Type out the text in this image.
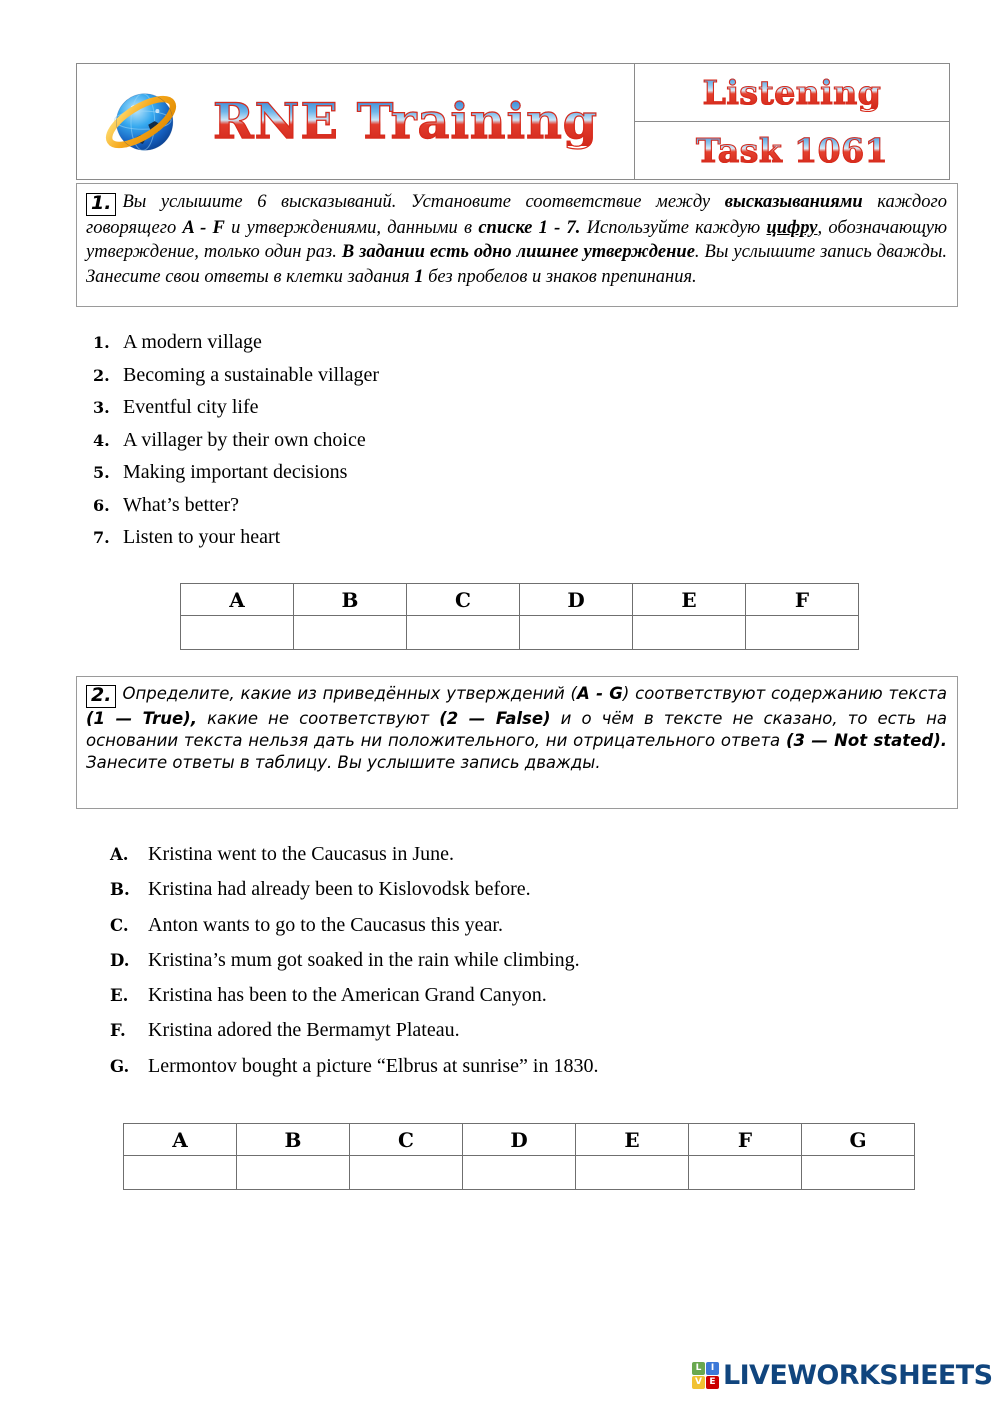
RNE Training	Listening
Task 1061
1. Вы услышите 6 высказываний. Установите соответствие между высказываниями каждого говорящего A - F и утверждениями, данными в списке 1 - 7. Используйте каждую цифру, обозначающую утверждение, только один раз. В задании есть одно лишнее утверждение. Вы услышите запись дважды. Занесите свои ответы в клетки задания 1 без пробелов и знаков препинания.
1. A modern village
2. Becoming a sustainable villager
3. Eventful city life
4. A villager by their own choice
5. Making important decisions
6. What’s better?
7. Listen to your heart
A	B	C	D	E	F

2. Определите, какие из приведённых утверждений (A - G) соответствуют содержанию текста (1 — True), какие не соответствуют (2 — False) и о чём в тексте не сказано, то есть на основании текста нельзя дать ни положительного, ни отрицательного ответа (3 — Not stated). Занесите ответы в таблицу. Вы услышите запись дважды.
A. Kristina went to the Caucasus in June.
B. Kristina had already been to Kislovodsk before.
C. Anton wants to go to the Caucasus this year.
D. Kristina’s mum got soaked in the rain while climbing.
E. Kristina has been to the American Grand Canyon.
F.	Kristina adored the Bermamyt Plateau.
G. Lermontov bought a picture “Elbrus at sunrise” in 1830.
A	B	C	D	E	F	G

L	I
V E LIVEWORKSHEETS
